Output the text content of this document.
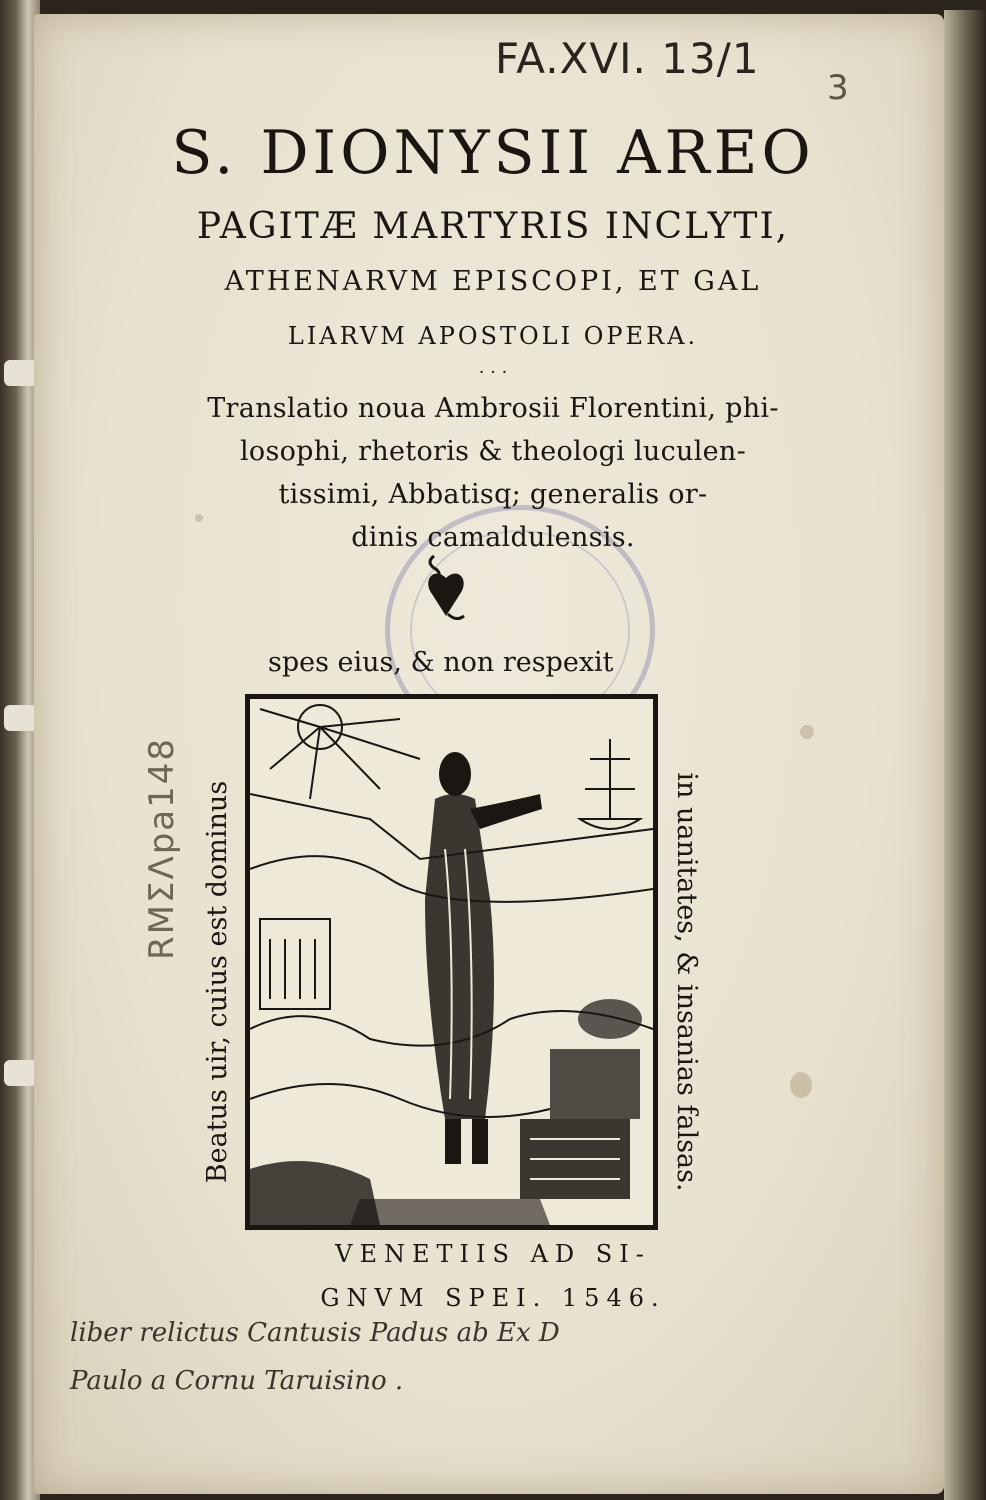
FA.XVI. 13/1
3
S. DIONYSII AREO
PAGITÆ MARTYRIS INCLYTI,
ATHENARVM EPISCOPI, ET GAL
LIARVM APOSTOLI OPERA.
· · ·
Translatio noua Ambrosii Florentini, phi-
losophi, rhetoris & theologi luculen-
tissimi, Abbatisq; generalis or-
dinis camaldulensis.
spes eius, & non respexit
Beatus uir, cuius est dominus	in uanitates, & insanias falsas.
VENETIIS AD SI-
GNVM SPEI. 1546.
liber relictus Cantusis Padus ab Ex D
Paulo a Cornu Taruisino .
RMΣΛpa148
